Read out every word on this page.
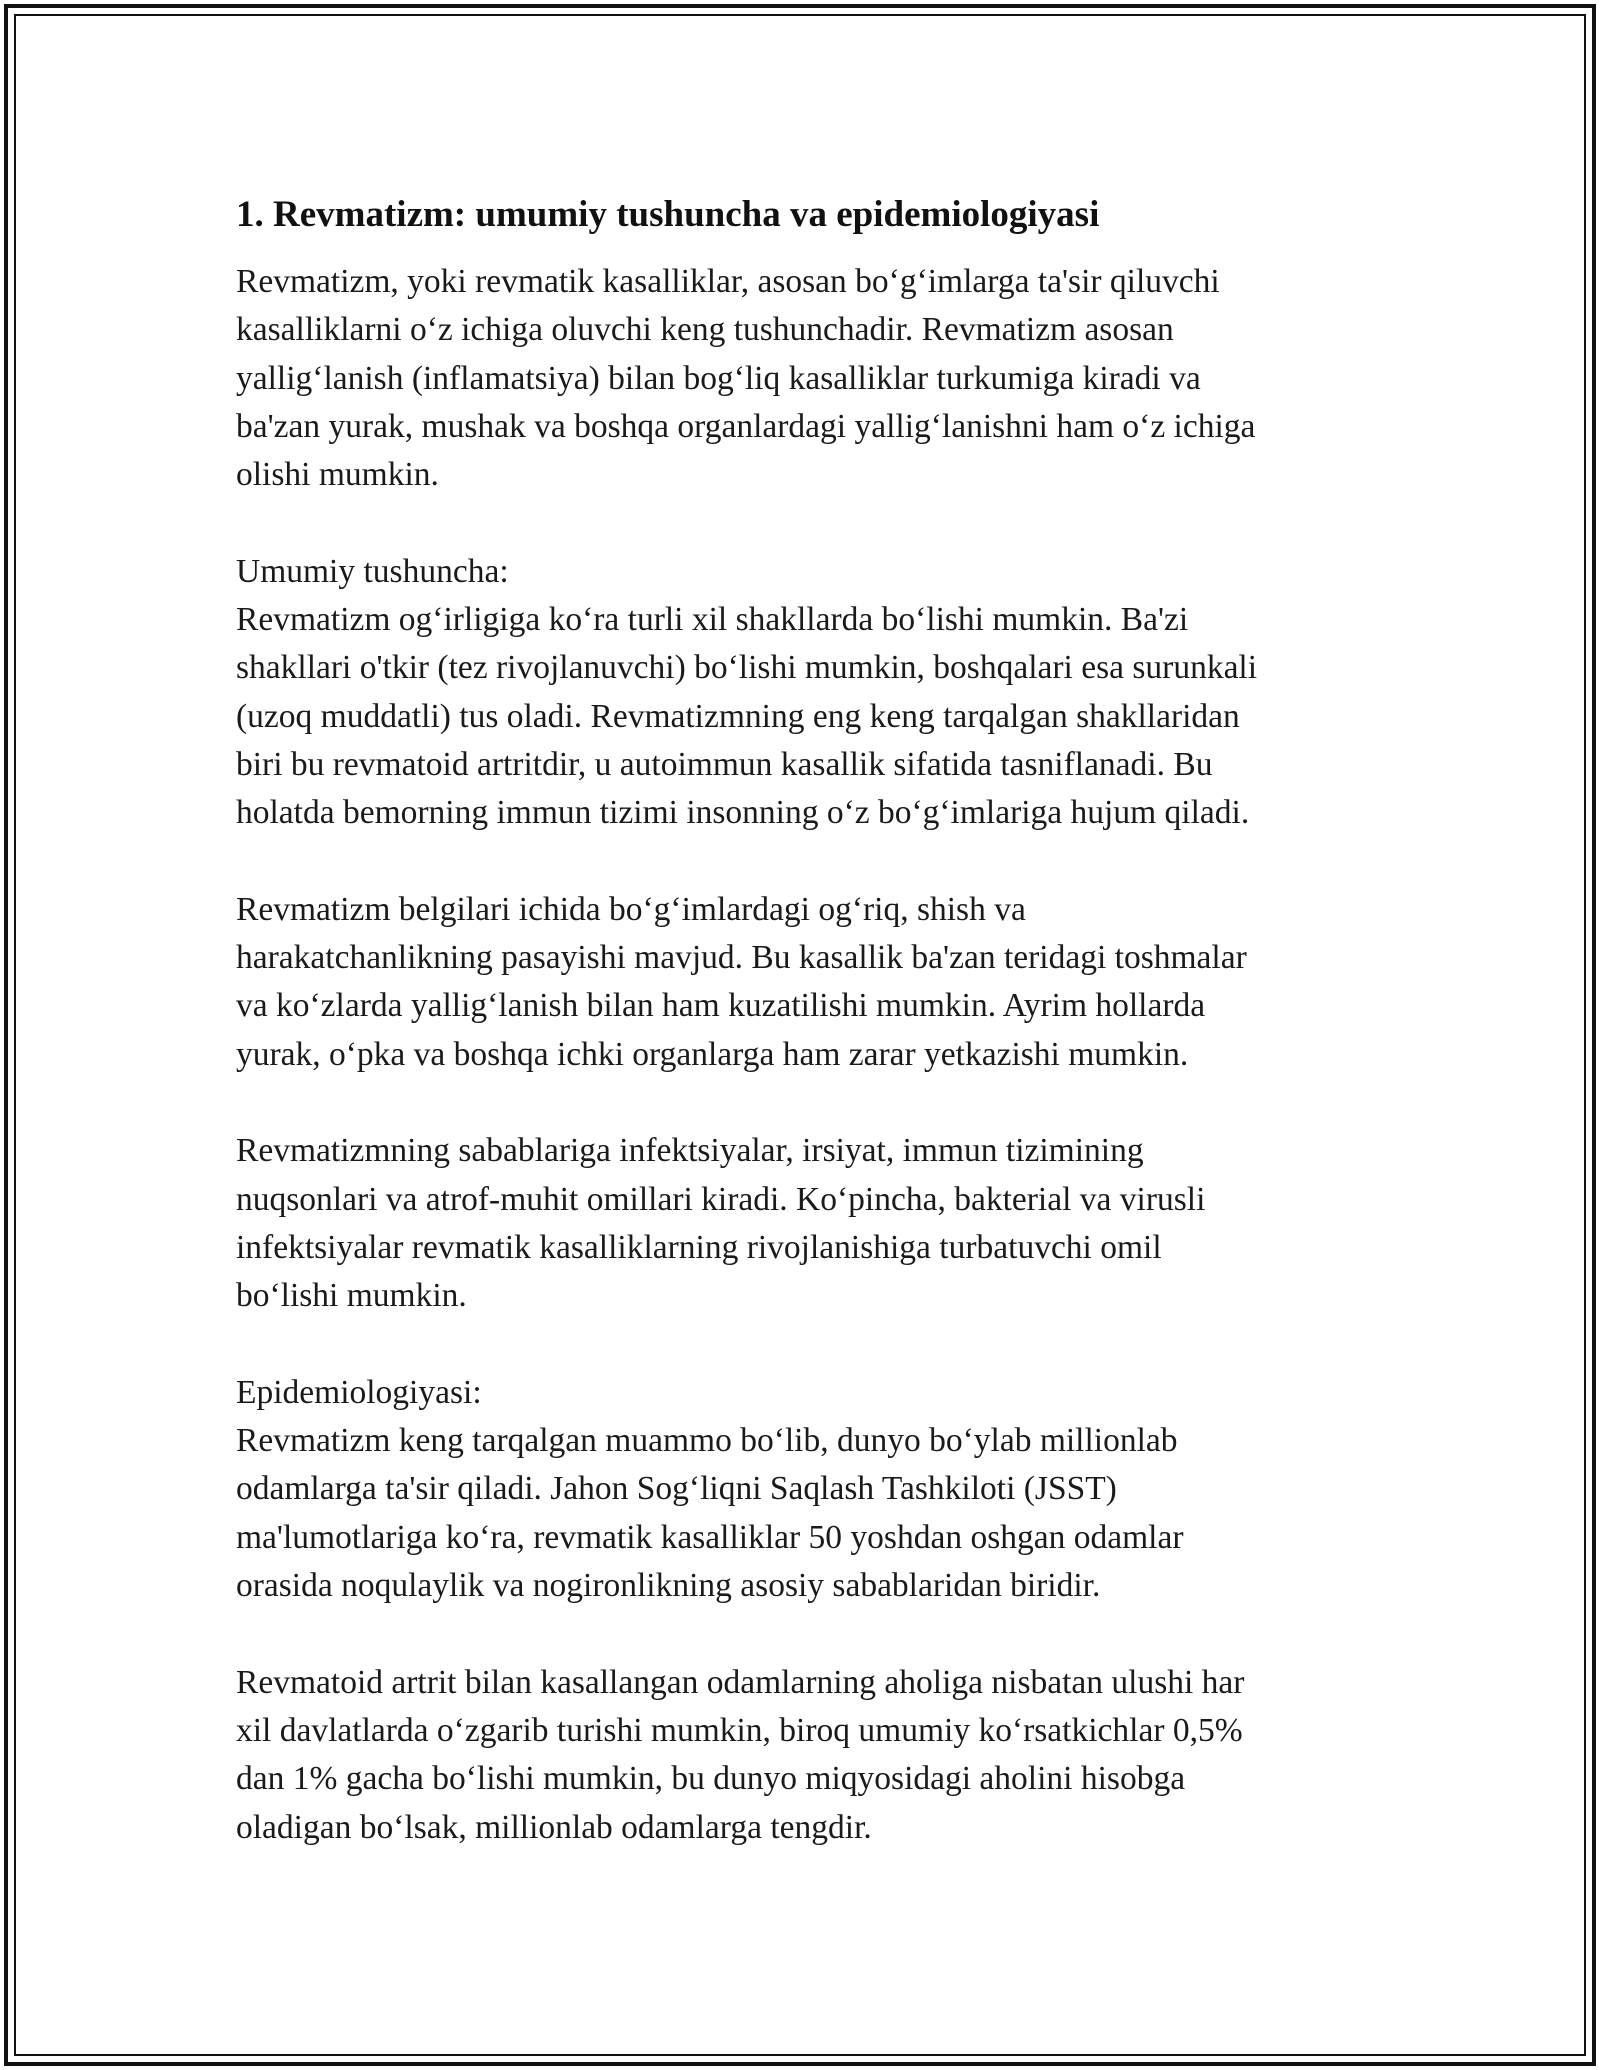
1. Revmatizm: umumiy tushuncha va epidemiologiyasi

Revmatizm, yoki revmatik kasalliklar, asosan bo‘g‘imlarga ta'sir qiluvchi
kasalliklarni o‘z ichiga oluvchi keng tushunchadir. Revmatizm asosan
yallig‘lanish (inflamatsiya) bilan bog‘liq kasalliklar turkumiga kiradi va
ba'zan yurak, mushak va boshqa organlardagi yallig‘lanishni ham o‘z ichiga
olishi mumkin.

Umumiy tushuncha:

Revmatizm og‘irligiga ko‘ra turli xil shakllarda bo‘lishi mumkin. Ba'zi
shakllari o'tkir (tez rivojlanuvchi) bo‘lishi mumkin, boshqalari esa surunkali
(uzoq muddatli) tus oladi. Revmatizmning eng keng tarqalgan shakllaridan
biri bu revmatoid artritdir, u autoimmun kasallik sifatida tasniflanadi. Bu
holatda bemorning immun tizimi insonning o‘z bo‘g‘imlariga hujum qiladi.

Revmatizm belgilari ichida bo‘g‘imlardagi og‘riq, shish va
harakatchanlikning pasayishi mavjud. Bu kasallik ba'zan teridagi toshmalar
va ko‘zlarda yallig‘lanish bilan ham kuzatilishi mumkin. Ayrim hollarda
yurak, o‘pka va boshqa ichki organlarga ham zarar yetkazishi mumkin.

Revmatizmning sabablariga infektsiyalar, irsiyat, immun tizimining
nuqsonlari va atrof-muhit omillari kiradi. Ko‘pincha, bakterial va virusli
infektsiyalar revmatik kasalliklarning rivojlanishiga turbatuvchi omil
bo‘lishi mumkin.

Epidemiologiyasi:

Revmatizm keng tarqalgan muammo bo‘lib, dunyo bo‘ylab millionlab
odamlarga ta'sir qiladi. Jahon Sog‘liqni Saqlash Tashkiloti (JSST)
ma'lumotlariga ko‘ra, revmatik kasalliklar 50 yoshdan oshgan odamlar
orasida noqulaylik va nogironlikning asosiy sabablaridan biridir.

Revmatoid artrit bilan kasallangan odamlarning aholiga nisbatan ulushi har
xil davlatlarda o‘zgarib turishi mumkin, biroq umumiy ko‘rsatkichlar 0,5%
dan 1% gacha bo‘lishi mumkin, bu dunyo miqyosidagi aholini hisobga
oladigan bo‘lsak, millionlab odamlarga tengdir.
